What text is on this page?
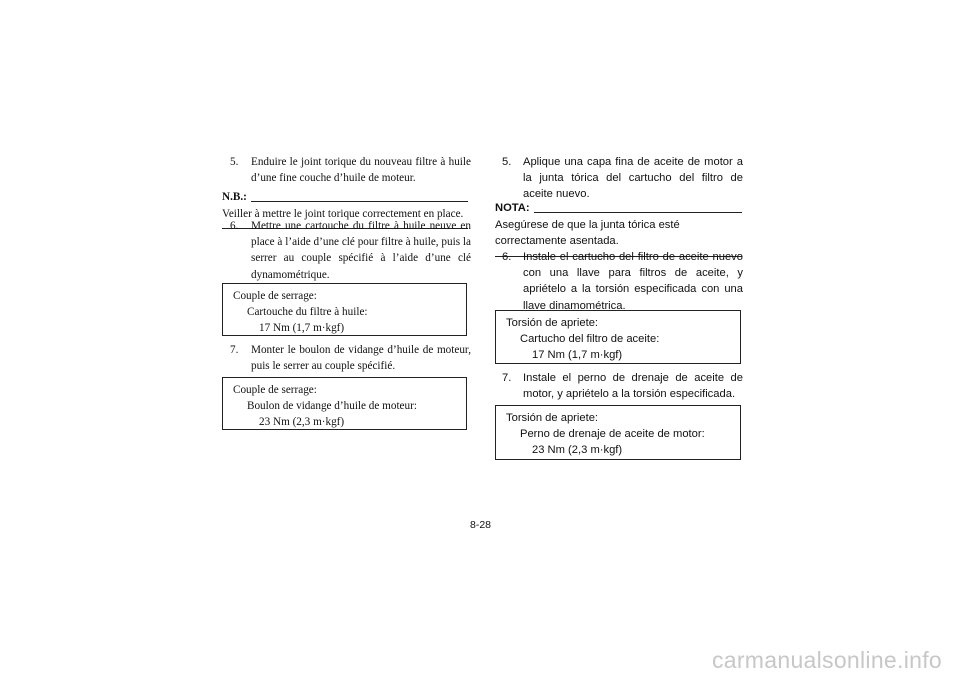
5.	Enduire le joint torique du nouveau filtre à huile d’une fine couche d’huile de moteur.
N.B.:
Veiller à mettre le joint torique correctement en place.
6.	Mettre une cartouche du filtre à huile neuve en place à l’aide d’une clé pour filtre à huile, puis la serrer au couple spécifié à l’aide d’une clé dynamométrique.
Couple de serrage:
Cartouche du filtre à huile:
17 Nm (1,7 m·kgf)
7.	Monter le boulon de vidange d’huile de moteur, puis le serrer au couple spécifié.
Couple de serrage:
Boulon de vidange d’huile de moteur:
23 Nm (2,3 m·kgf)
5.	Aplique una capa fina de aceite de motor a la junta tórica del cartucho del filtro de aceite nuevo.
NOTA:
Asegúrese de que la junta tórica esté correctamente asentada.
6.	Instale el cartucho del filtro de aceite nuevo con una llave para filtros de aceite, y apriételo a la torsión especificada con una llave dinamométrica.
Torsión de apriete:
Cartucho del filtro de aceite:
17 Nm (1,7 m·kgf)
7.	Instale el perno de drenaje de aceite de motor, y apriételo a la torsión especificada.
Torsión de apriete:
Perno de drenaje de aceite de motor:
23 Nm (2,3 m·kgf)
8-28
carmanualsonline.info
